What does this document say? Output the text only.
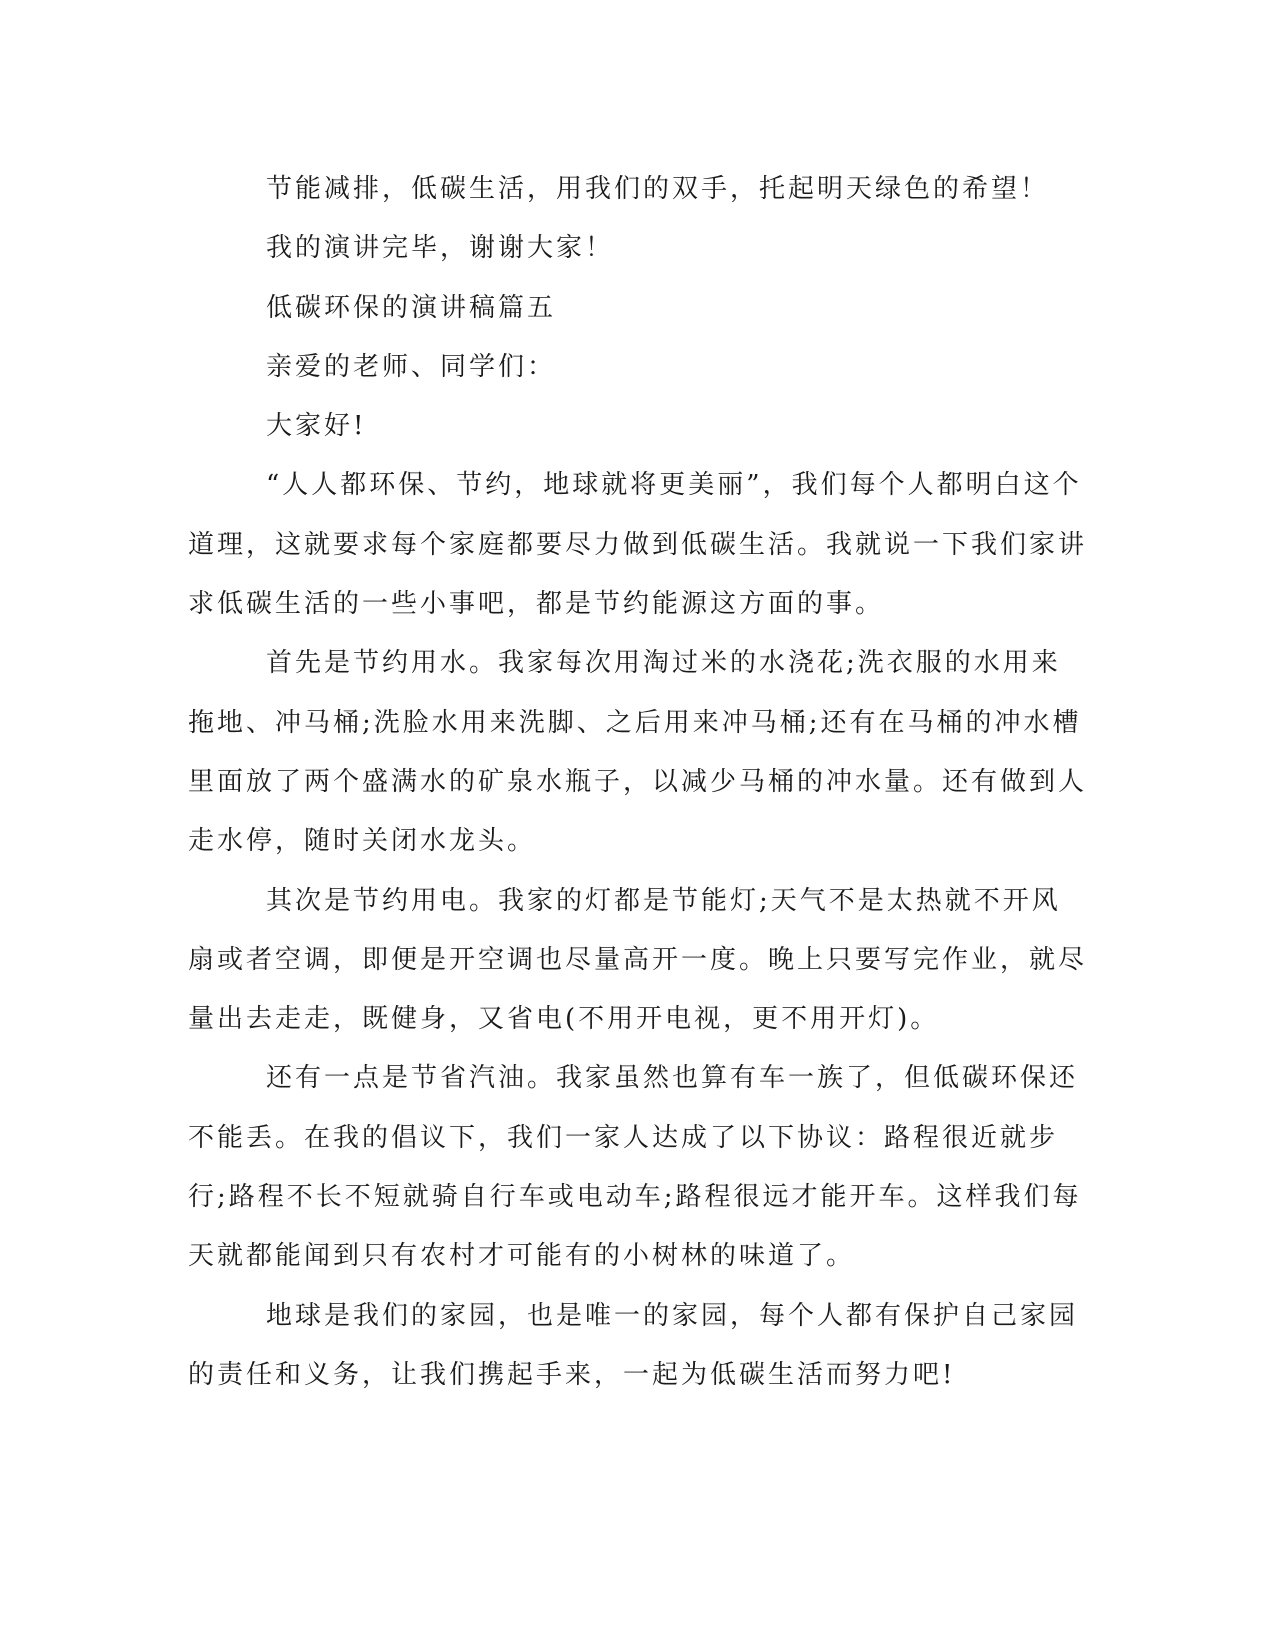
节能减排，低碳生活，用我们的双手，托起明天绿色的希望！

我的演讲完毕，谢谢大家！

低碳环保的演讲稿篇五

亲爱的老师、同学们：

大家好!

“人人都环保、节约，地球就将更美丽”，我们每个人都明白这个道理，这就要求每个家庭都要尽力做到低碳生活。我就说一下我们家讲求低碳生活的一些小事吧，都是节约能源这方面的事。

首先是节约用水。我家每次用淘过米的水浇花;洗衣服的水用来拖地、冲马桶;洗脸水用来洗脚、之后用来冲马桶;还有在马桶的冲水槽里面放了两个盛满水的矿泉水瓶子，以减少马桶的冲水量。还有做到人走水停，随时关闭水龙头。

其次是节约用电。我家的灯都是节能灯;天气不是太热就不开风扇或者空调，即便是开空调也尽量高开一度。晚上只要写完作业，就尽量出去走走，既健身，又省电(不用开电视，更不用开灯)。

还有一点是节省汽油。我家虽然也算有车一族了，但低碳环保还不能丢。在我的倡议下，我们一家人达成了以下协议：路程很近就步行;路程不长不短就骑自行车或电动车;路程很远才能开车。这样我们每天就都能闻到只有农村才可能有的小树林的味道了。

地球是我们的家园，也是唯一的家园，每个人都有保护自己家园的责任和义务，让我们携起手来，一起为低碳生活而努力吧!
